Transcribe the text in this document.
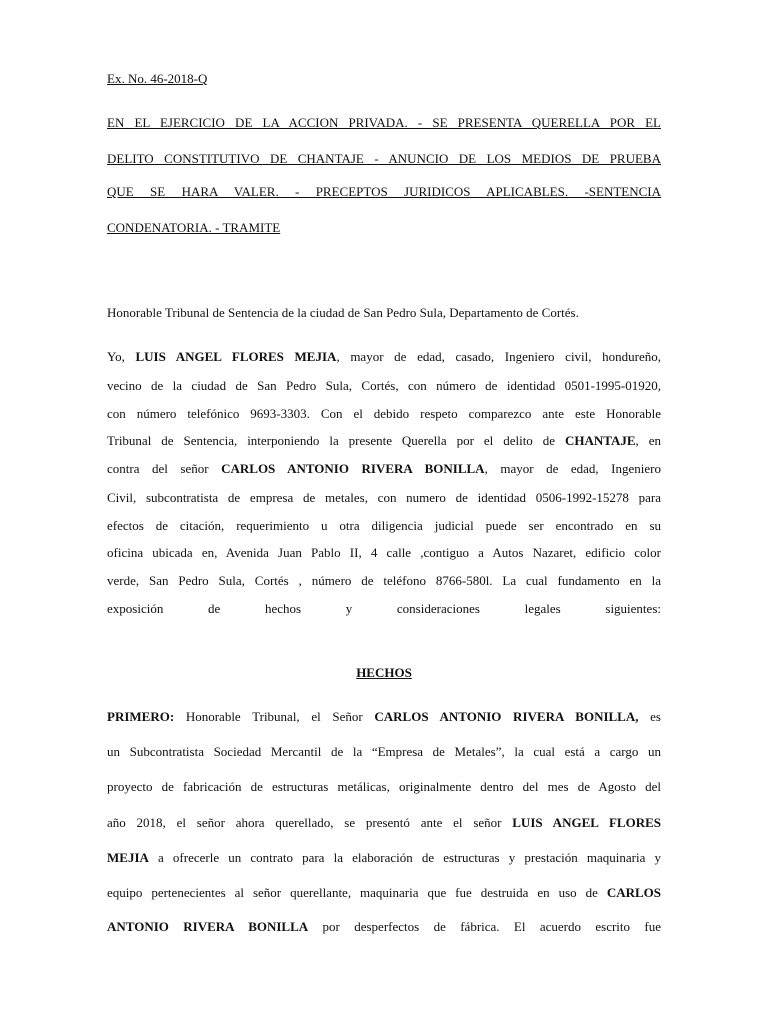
Ex. No. 46-2018-Q
EN EL EJERCICIO DE LA ACCION PRIVADA. - SE PRESENTA QUERELLA POR EL
DELITO CONSTITUTIVO DE CHANTAJE - ANUNCIO DE LOS MEDIOS DE PRUEBA
QUE SE HARA VALER. - PRECEPTOS JURIDICOS APLICABLES. -SENTENCIA
CONDENATORIA. - TRAMITE
Honorable Tribunal de Sentencia de la ciudad de San Pedro Sula, Departamento de Cortés.
Yo, LUIS ANGEL FLORES MEJIA, mayor de edad, casado, Ingeniero civil, hondureño,
vecino de la ciudad de San Pedro Sula, Cortés, con número de identidad 0501-1995-01920,
con número telefónico 9693-3303. Con el debido respeto comparezco ante este Honorable
Tribunal de Sentencia, interponiendo la presente Querella por el delito de CHANTAJE, en
contra del señor CARLOS ANTONIO RIVERA BONILLA, mayor de edad, Ingeniero
Civil, subcontratista de empresa de metales, con numero de identidad 0506-1992-15278 para
efectos de citación, requerimiento u otra diligencia judicial puede ser encontrado en su
oficina ubicada en, Avenida Juan Pablo II, 4 calle ,contiguo a Autos Nazaret, edificio color
verde, San Pedro Sula, Cortés , número de teléfono 8766-580l. La cual fundamento en la
exposición de hechos y consideraciones legales siguientes:
HECHOS
PRIMERO: Honorable Tribunal, el Señor CARLOS ANTONIO RIVERA BONILLA, es
un Subcontratista Sociedad Mercantil de la “Empresa de Metales”, la cual está a cargo un
proyecto de fabricación de estructuras metálicas, originalmente dentro del mes de Agosto del
año 2018, el señor ahora querellado, se presentó ante el señor LUIS ANGEL FLORES
MEJIA a ofrecerle un contrato para la elaboración de estructuras y prestación maquinaria y
equipo pertenecientes al señor querellante, maquinaria que fue destruida en uso de CARLOS
ANTONIO RIVERA BONILLA por desperfectos de fábrica. El acuerdo escrito fue
